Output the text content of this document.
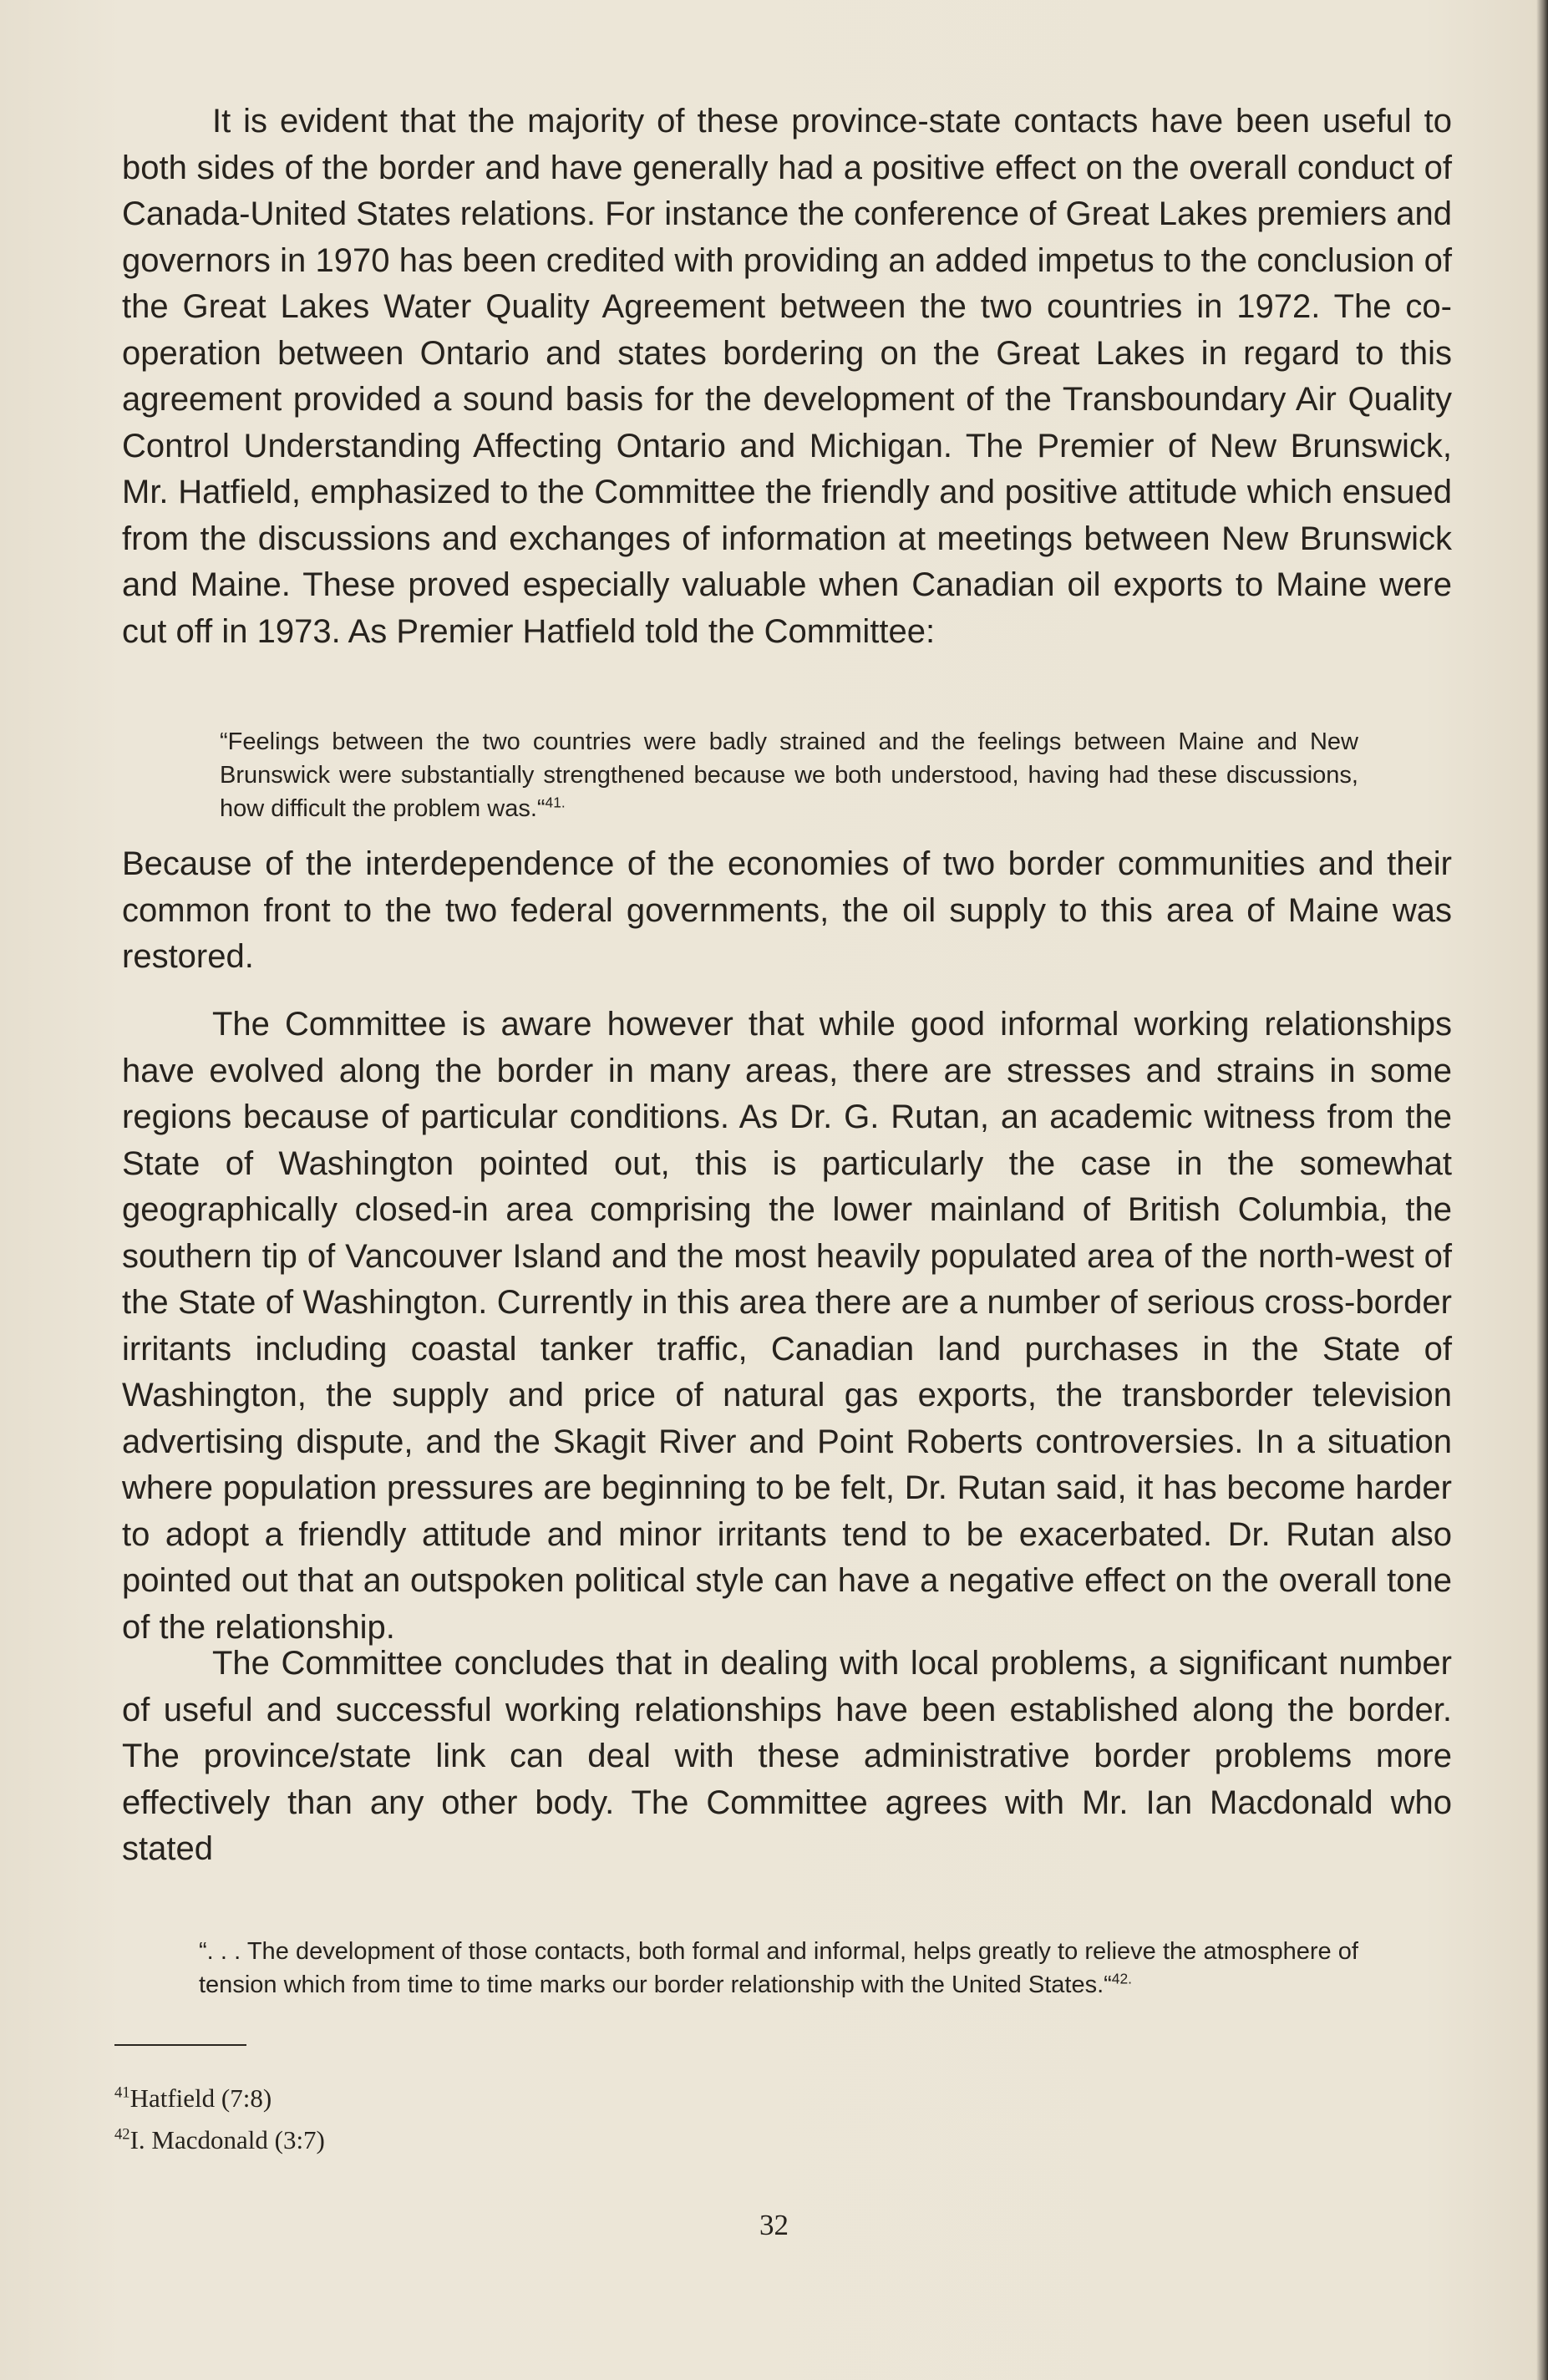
It is evident that the majority of these province-state contacts have been useful to both sides of the border and have generally had a positive effect on the overall conduct of Canada-United States relations. For instance the conference of Great Lakes premiers and governors in 1970 has been credited with providing an added impetus to the conclusion of the Great Lakes Water Quality Agreement between the two countries in 1972. The co-operation between Ontario and states bordering on the Great Lakes in regard to this agreement provided a sound basis for the development of the Transboundary Air Quality Control Understanding Affecting Ontario and Michigan. The Premier of New Brunswick, Mr. Hatfield, emphasized to the Committee the friendly and positive attitude which ensued from the discussions and exchanges of information at meetings between New Brunswick and Maine. These proved especially valuable when Canadian oil exports to Maine were cut off in 1973. As Premier Hatfield told the Committee:

“Feelings between the two countries were badly strained and the feelings between Maine and New Brunswick were substantially strengthened because we both understood, having had these discussions, how difficult the problem was.“$^{41.}$

Because of the interdependence of the economies of two border communities and their common front to the two federal governments, the oil supply to this area of Maine was restored.

The Committee is aware however that while good informal working relationships have evolved along the border in many areas, there are stresses and strains in some regions because of particular conditions. As Dr. G. Rutan, an academic witness from the State of Washington pointed out, this is particularly the case in the somewhat geographically closed-in area comprising the lower mainland of British Columbia, the southern tip of Vancouver Island and the most heavily populated area of the north-west of the State of Washington. Currently in this area there are a number of serious cross-border irritants including coastal tanker traffic, Canadian land purchases in the State of Washington, the supply and price of natural gas exports, the transborder television advertising dispute, and the Skagit River and Point Roberts controversies. In a situation where population pressures are beginning to be felt, Dr. Rutan said, it has become harder to adopt a friendly attitude and minor irritants tend to be exacerbated. Dr. Rutan also pointed out that an outspoken political style can have a negative effect on the overall tone of the relationship.

The Committee concludes that in dealing with local problems, a significant number of useful and successful working relationships have been established along the border. The province/state link can deal with these administrative border problems more effectively than any other body. The Committee agrees with Mr. Ian Macdonald who stated

“. . . The development of those contacts, both formal and informal, helps greatly to relieve the atmosphere of tension which from time to time marks our border relationship with the United States.“$^{42.}$

$^{41}$Hatfield (7:8)

$^{42}$I. Macdonald (3:7)

32
